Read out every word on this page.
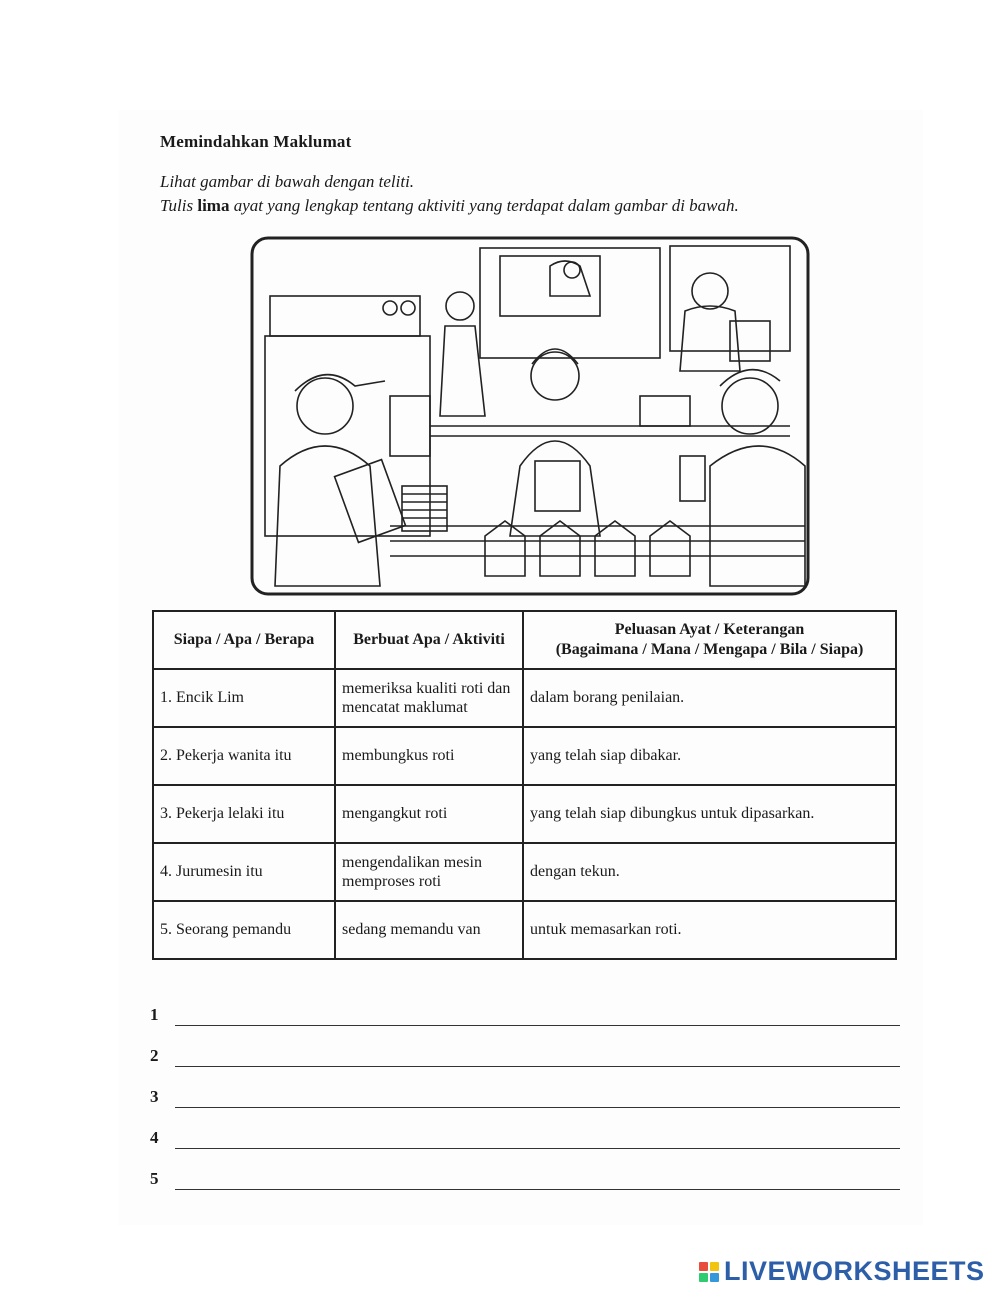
Memindahkan Maklumat
Lihat gambar di bawah dengan teliti.
Tulis lima ayat yang lengkap tentang aktiviti yang terdapat dalam gambar di bawah.
Siapa / Apa / Berapa	Berbuat Apa / Aktiviti	Peluasan Ayat / Keterangan
(Bagaimana / Mana / Mengapa / Bila / Siapa)

1. Encik Lim	memeriksa kualiti roti dan mencatat maklumat	dalam borang penilaian.
2. Pekerja wanita itu	membungkus roti	yang telah siap dibakar.
3. Pekerja lelaki itu	mengangkut roti	yang telah siap dibungkus untuk dipasarkan.
4. Jurumesin itu	mengendalikan mesin memproses roti	dengan tekun.
5. Seorang pemandu	sedang memandu van	untuk memasarkan roti.
1
2
3
4
5
LIVEWORKSHEETS
